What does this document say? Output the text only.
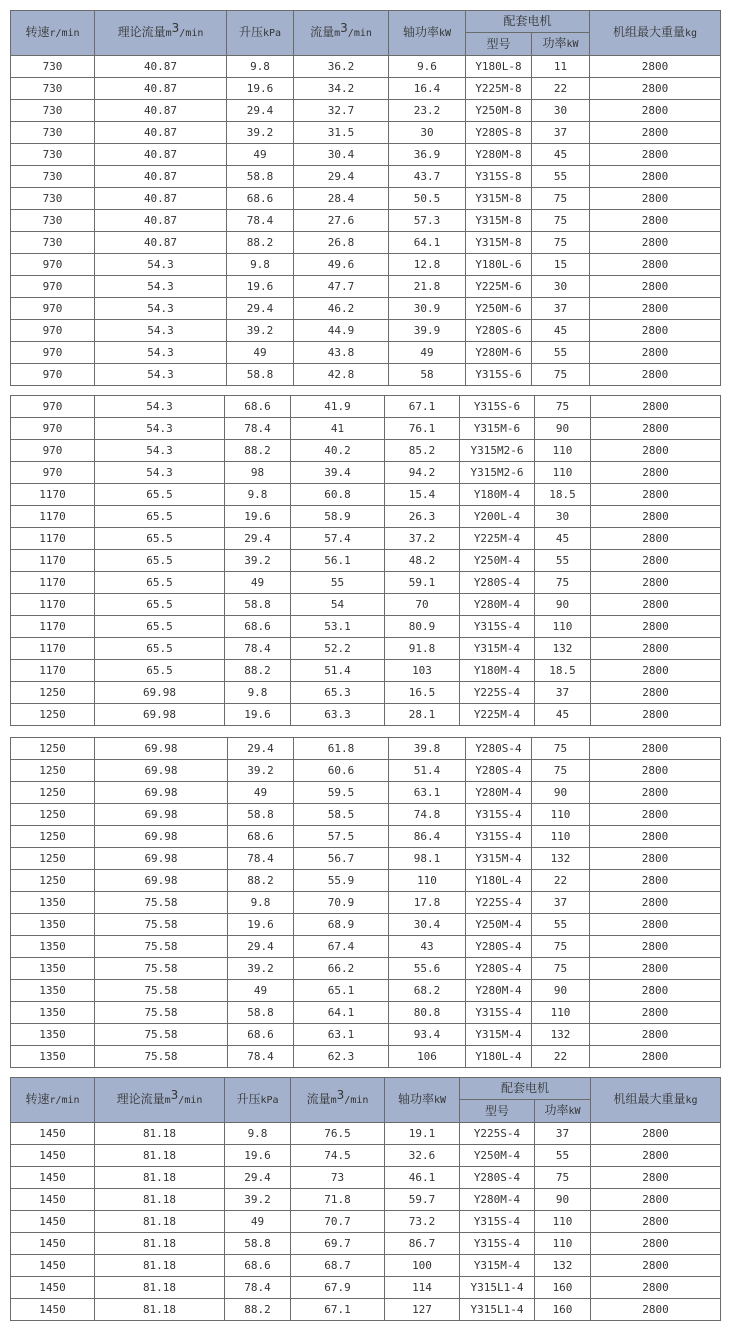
转速r/min	理论流量$m^3/\min$	升压kPa	流量$m^3/\min$	轴功率kW	配套电机		机组最大重量kg
					型号	功率kW	
730	40.87	9.8	36.2	9.6	Y180L-8	11	2800
730	40.87	19.6	34.2	16.4	Y225M-8	22	2800
730	40.87	29.4	32.7	23.2	Y250M-8	30	2800
730	40.87	39.2	31.5	30	Y280S-8	37	2800
730	40.87	49	30.4	36.9	Y280M-8	45	2800
730	40.87	58.8	29.4	43.7	Y315S-8	55	2800
730	40.87	68.6	28.4	50.5	Y315M-8	75	2800
730	40.87	78.4	27.6	57.3	Y315M-8	75	2800
730	40.87	88.2	26.8	64.1	Y315M-8	75	2800
970	54.3	9.8	49.6	12.8	Y180L-6	15	2800
970	54.3	19.6	47.7	21.8	Y225M-6	30	2800
970	54.3	29.4	46.2	30.9	Y250M-6	37	2800
970	54.3	39.2	44.9	39.9	Y280S-6	45	2800
970	54.3	49	43.8	49	Y280M-6	55	2800
970	54.3	58.8	42.8	58	Y315S-6	75	2800
970	54.3	68.6	41.9	67.1	Y315S-6	75	2800
970	54.3	78.4	41	76.1	Y315M-6	90	2800
970	54.3	88.2	40.2	85.2	Y315M2-6	110	2800
970	54.3	98	39.4	94.2	Y315M2-6	110	2800
1170	65.5	9.8	60.8	15.4	Y180M-4	18.5	2800
1170	65.5	19.6	58.9	26.3	Y200L-4	30	2800
1170	65.5	29.4	57.4	37.2	Y225M-4	45	2800
1170	65.5	39.2	56.1	48.2	Y250M-4	55	2800
1170	65.5	49	55	59.1	Y280S-4	75	2800
1170	65.5	58.8	54	70	Y280M-4	90	2800
1170	65.5	68.6	53.1	80.9	Y315S-4	110	2800
1170	65.5	78.4	52.2	91.8	Y315M-4	132	2800
1170	65.5	88.2	51.4	103	Y180M-4	18.5	2800
1250	69.98	9.8	65.3	16.5	Y225S-4	37	2800
1250	69.98	19.6	63.3	28.1	Y225M-4	45	2800
1250	69.98	29.4	61.8	39.8	Y280S-4	75	2800
1250	69.98	39.2	60.6	51.4	Y280S-4	75	2800
1250	69.98	49	59.5	63.1	Y280M-4	90	2800
1250	69.98	58.8	58.5	74.8	Y315S-4	110	2800
1250	69.98	68.6	57.5	86.4	Y315S-4	110	2800
1250	69.98	78.4	56.7	98.1	Y315M-4	132	2800
1250	69.98	88.2	55.9	110	Y180L-4	22	2800
1350	75.58	9.8	70.9	17.8	Y225S-4	37	2800
1350	75.58	19.6	68.9	30.4	Y250M-4	55	2800
1350	75.58	29.4	67.4	43	Y280S-4	75	2800
1350	75.58	39.2	66.2	55.6	Y280S-4	75	2800
1350	75.58	49	65.1	68.2	Y280M-4	90	2800
1350	75.58	58.8	64.1	80.8	Y315S-4	110	2800
1350	75.58	68.6	63.1	93.4	Y315M-4	132	2800
1350	75.58	78.4	62.3	106	Y180L-4	22	2800
转速r/min	理论流量$m^3/\min$	升压kPa	流量$m^3/\min$	轴功率kW	配套电机		机组最大重量kg
					型号	功率kW	
1450	81.18	9.8	76.5	19.1	Y225S-4	37	2800
1450	81.18	19.6	74.5	32.6	Y250M-4	55	2800
1450	81.18	29.4	73	46.1	Y280S-4	75	2800
1450	81.18	39.2	71.8	59.7	Y280M-4	90	2800
1450	81.18	49	70.7	73.2	Y315S-4	110	2800
1450	81.18	58.8	69.7	86.7	Y315S-4	110	2800
1450	81.18	68.6	68.7	100	Y315M-4	132	2800
1450	81.18	78.4	67.9	114	Y315L1-4	160	2800
1450	81.18	88.2	67.1	127	Y315L1-4	160	2800
